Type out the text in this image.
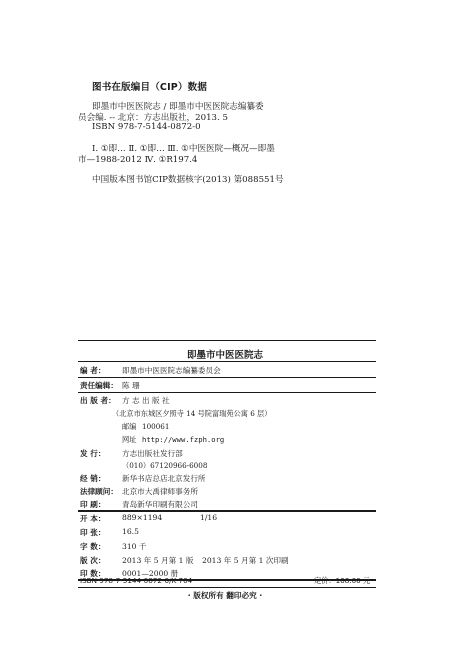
图书在版编目（CIP）数据
即墨市中医医院志 / 即墨市中医医院志编纂委
员会编. -- 北京：方志出版社，2013. 5
ISBN 978-7-5144-0872-0
Ⅰ. ①即… Ⅱ. ①即… Ⅲ. ①中医医院—概况—即墨
市—1988-2012 Ⅳ. ①R197.4
中国版本图书馆CIP数据核字(2013) 第088551号
即墨市中医医院志
编 者： 即墨市中医医院志编纂委员会
责任编辑： 陈 珊
出 版 者： 方 志 出 版 社
（北京市东城区夕照寺 14 号院富瑞苑公寓 6 层）
邮编 100061
网址 http://www.fzph.org
发 行： 方志出版社发行部
（010）67120966-6008
经 销： 新华书店总店北京发行所
法律顾问： 北京市大禹律师事务所
印 刷： 青岛新华印刷有限公司
开 本： 889×1194	1/16
印 张： 16.5
字 数： 310 千
版 次： 2013 年 5 月第 1 版 2013 年 5 月第 1 次印刷
印 数： 0001—2000 册
ISBN 978-7-5144-0872-0/K·704	定价：168.00 元
· 版权所有 翻印必究 ·
